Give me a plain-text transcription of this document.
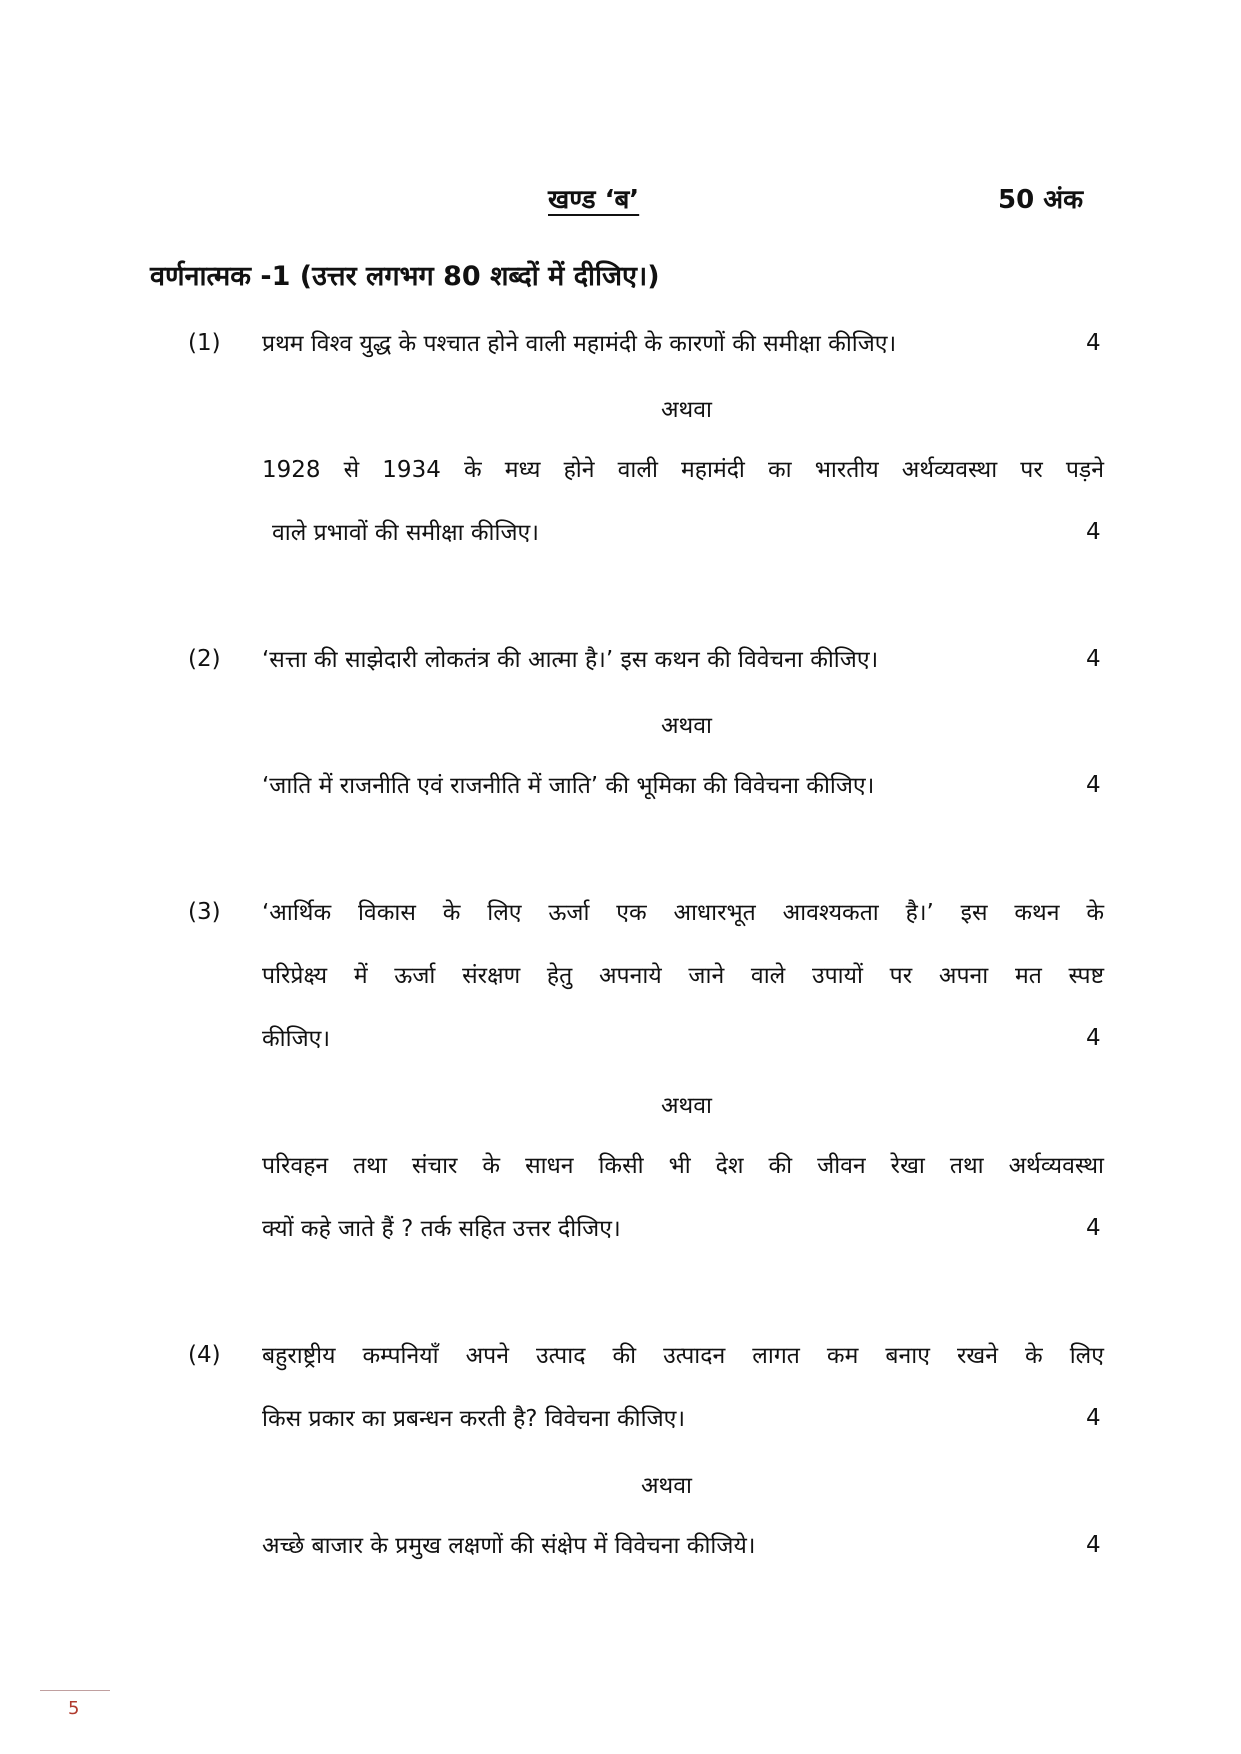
खण्ड ‘ब’	50 अंक
वर्णनात्मक -1 (उत्तर लगभग 80 शब्दों में दीजिए।)
(1) प्रथम विश्व युद्ध के पश्चात होने वाली महामंदी के कारणों की समीक्षा कीजिए।	4
अथवा
1928 से 1934 के मध्य होने वाली महामंदी का भारतीय अर्थव्यवस्था पर पड़ने
वाले प्रभावों की समीक्षा कीजिए।	4
(2) ‘सत्ता की साझेदारी लोकतंत्र की आत्मा है।’ इस कथन की विवेचना कीजिए।	4
अथवा
‘जाति में राजनीति एवं राजनीति में जाति’ की भूमिका की विवेचना कीजिए।	4
(3) ‘आर्थिक विकास के लिए ऊर्जा एक आधारभूत आवश्यकता है।’ इस कथन के
परिप्रेक्ष्य में ऊर्जा संरक्षण हेतु अपनाये जाने वाले उपायों पर अपना मत स्पष्ट
कीजिए।	4
अथवा
परिवहन तथा संचार के साधन किसी भी देश की जीवन रेखा तथा अर्थव्यवस्था
क्यों कहे जाते हैं ? तर्क सहित उत्तर दीजिए।	4
(4) बहुराष्ट्रीय कम्पनियाँ अपने उत्पाद की उत्पादन लागत कम बनाए रखने के लिए
किस प्रकार का प्रबन्धन करती है? विवेचना कीजिए।	4
अथवा
अच्छे बाजार के प्रमुख लक्षणों की संक्षेप में विवेचना कीजिये।	4
5
